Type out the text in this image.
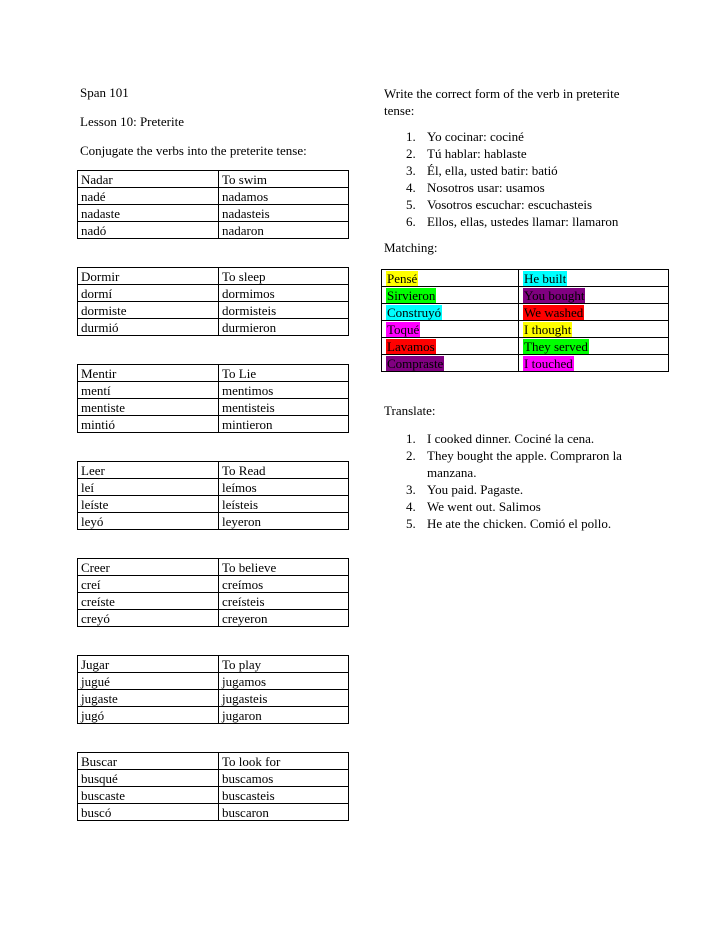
Span 101
Lesson 10: Preterite
Conjugate the verbs into the preterite tense:
Nadar	To swim
nadé	nadamos
nadaste	nadasteis
nadó	nadaron
Dormir	To sleep
dormí	dormimos
dormiste	dormisteis
durmió	durmieron
Mentir	To Lie
mentí	mentimos
mentiste	mentisteis
mintió	mintieron
Leer	To Read
leí	leímos
leíste	leísteis
leyó	leyeron
Creer	To believe
creí	creímos
creíste	creísteis
creyó	creyeron
Jugar	To play
jugué	jugamos
jugaste	jugasteis
jugó	jugaron
Buscar	To look for
busqué	buscamos
buscaste	buscasteis
buscó	buscaron
Write the correct form of the verb in preterite tense:
1. Yo cocinar: cociné
2. Tú hablar: hablaste
3. Él, ella, usted batir: batió
4. Nosotros usar: usamos
5. Vosotros escuchar: escuchasteis
6. Ellos, ellas, ustedes llamar: llamaron
Matching:
Pensé	He built
Sirvieron	You bought
Construyó	We washed
Toqué	I thought
Lavamos	They served
Compraste	I touched
Translate:
1. I cooked dinner. Cociné la cena.
2. They bought the apple. Compraron la manzana.
3. You paid. Pagaste.
4. We went out. Salimos
5. He ate the chicken. Comió el pollo.
